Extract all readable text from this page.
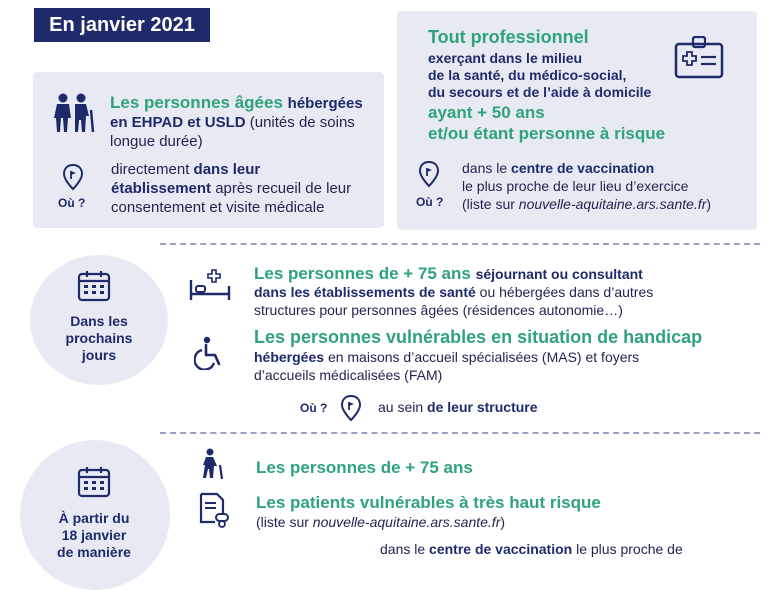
En janvier 2021
Les personnes âgées hébergées
en EHPAD et USLD (unités de soins
longue durée)
Où ?
directement dans leur
établissement après recueil de leur
consentement et visite médicale
Tout professionnel
exerçant dans le milieu
de la santé, du médico-social,
du secours et de l’aide à domicile
ayant + 50 ans
et/ou étant personne à risque
Où ?
dans le centre de vaccination
le plus proche de leur lieu d’exercice
(liste sur nouvelle-aquitaine.ars.sante.fr)
Dans les
prochains
jours
Les personnes de + 75 ans séjournant ou consultant
dans les établissements de santé ou hébergées dans d’autres
structures pour personnes âgées (résidences autonomie…)
Les personnes vulnérables en situation de handicap
hébergées en maisons d’accueil spécialisées (MAS) et foyers
d’accueils médicalisées (FAM)
Où ?	au sein de leur structure
À partir du
18 janvier
de manière
Les personnes de + 75 ans
Les patients vulnérables à très haut risque
(liste sur nouvelle-aquitaine.ars.sante.fr)
dans le centre de vaccination le plus proche de
